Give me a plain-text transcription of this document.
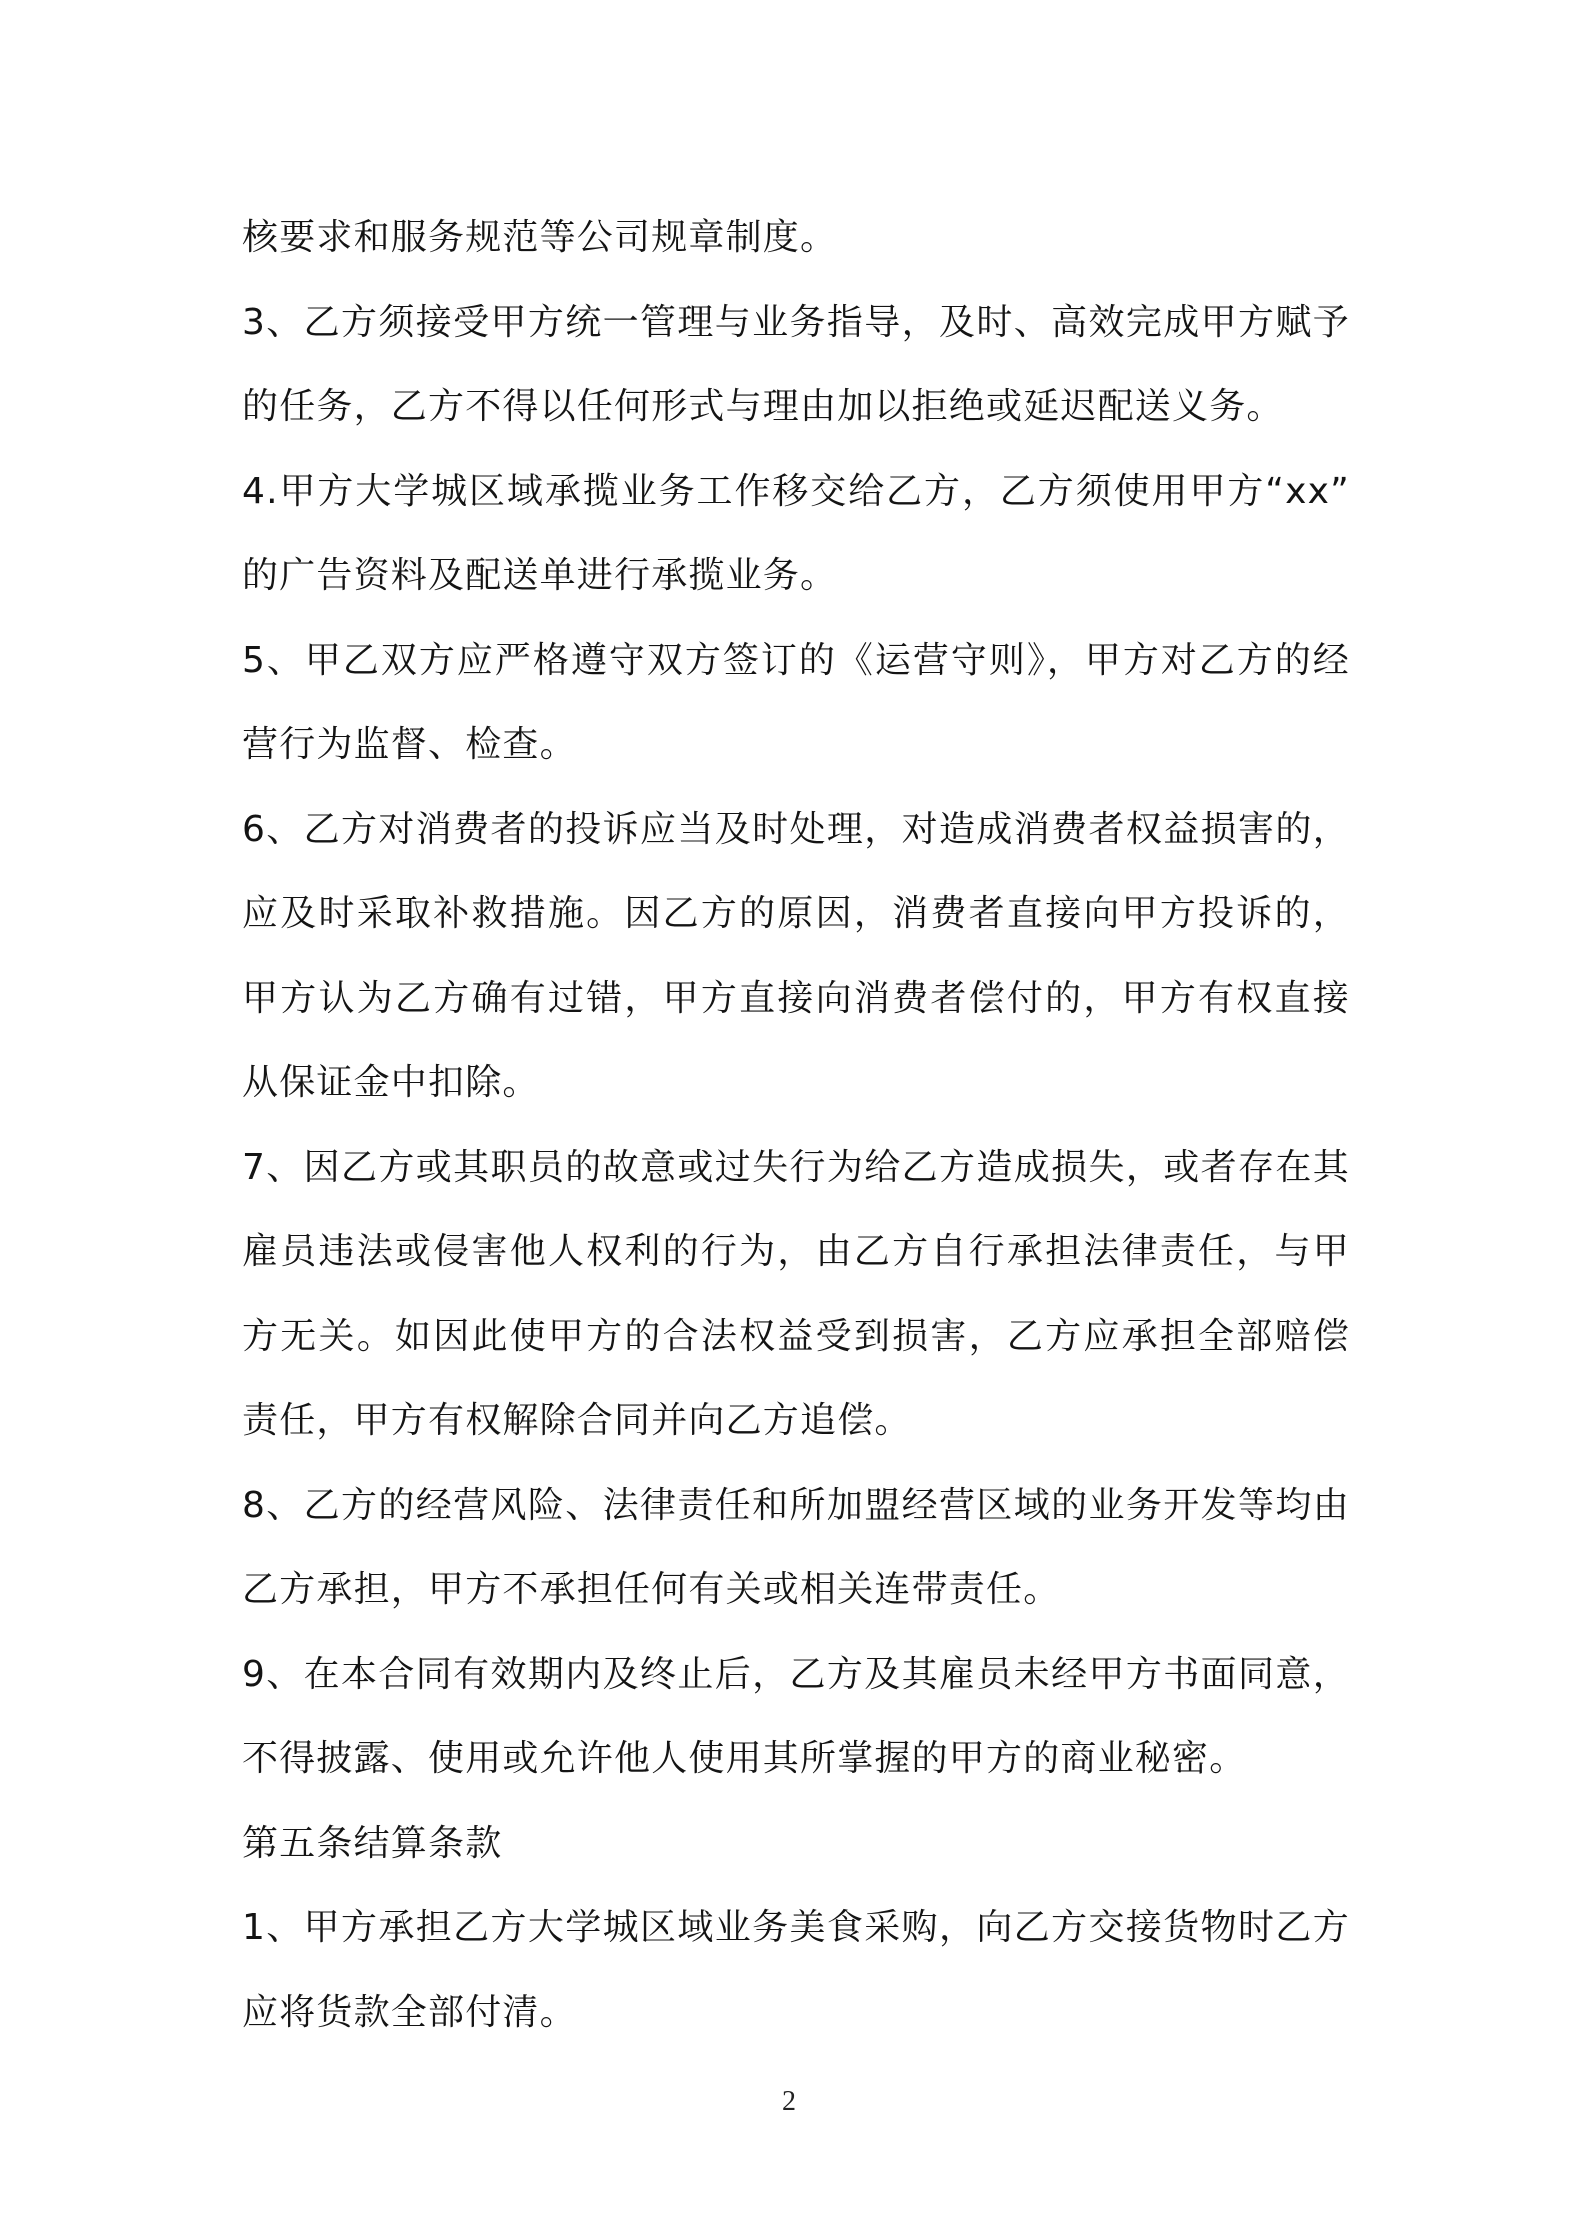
核要求和服务规范等公司规章制度。
3、乙方须接受甲方统一管理与业务指导，及时、高效完成甲方赋予
的任务，乙方不得以任何形式与理由加以拒绝或延迟配送义务。
4.甲方大学城区域承揽业务工作移交给乙方，乙方须使用甲方“xx”
的广告资料及配送单进行承揽业务。
5、甲乙双方应严格遵守双方签订的《运营守则》，甲方对乙方的经
营行为监督、检查。
6、乙方对消费者的投诉应当及时处理，对造成消费者权益损害的，
应及时采取补救措施。因乙方的原因，消费者直接向甲方投诉的，
甲方认为乙方确有过错，甲方直接向消费者偿付的，甲方有权直接
从保证金中扣除。
7、因乙方或其职员的故意或过失行为给乙方造成损失，或者存在其
雇员违法或侵害他人权利的行为，由乙方自行承担法律责任，与甲
方无关。如因此使甲方的合法权益受到损害，乙方应承担全部赔偿
责任，甲方有权解除合同并向乙方追偿。
8、乙方的经营风险、法律责任和所加盟经营区域的业务开发等均由
乙方承担，甲方不承担任何有关或相关连带责任。
9、在本合同有效期内及终止后，乙方及其雇员未经甲方书面同意，
不得披露、使用或允许他人使用其所掌握的甲方的商业秘密。
第五条结算条款
1、甲方承担乙方大学城区域业务美食采购，向乙方交接货物时乙方
应将货款全部付清。
2
